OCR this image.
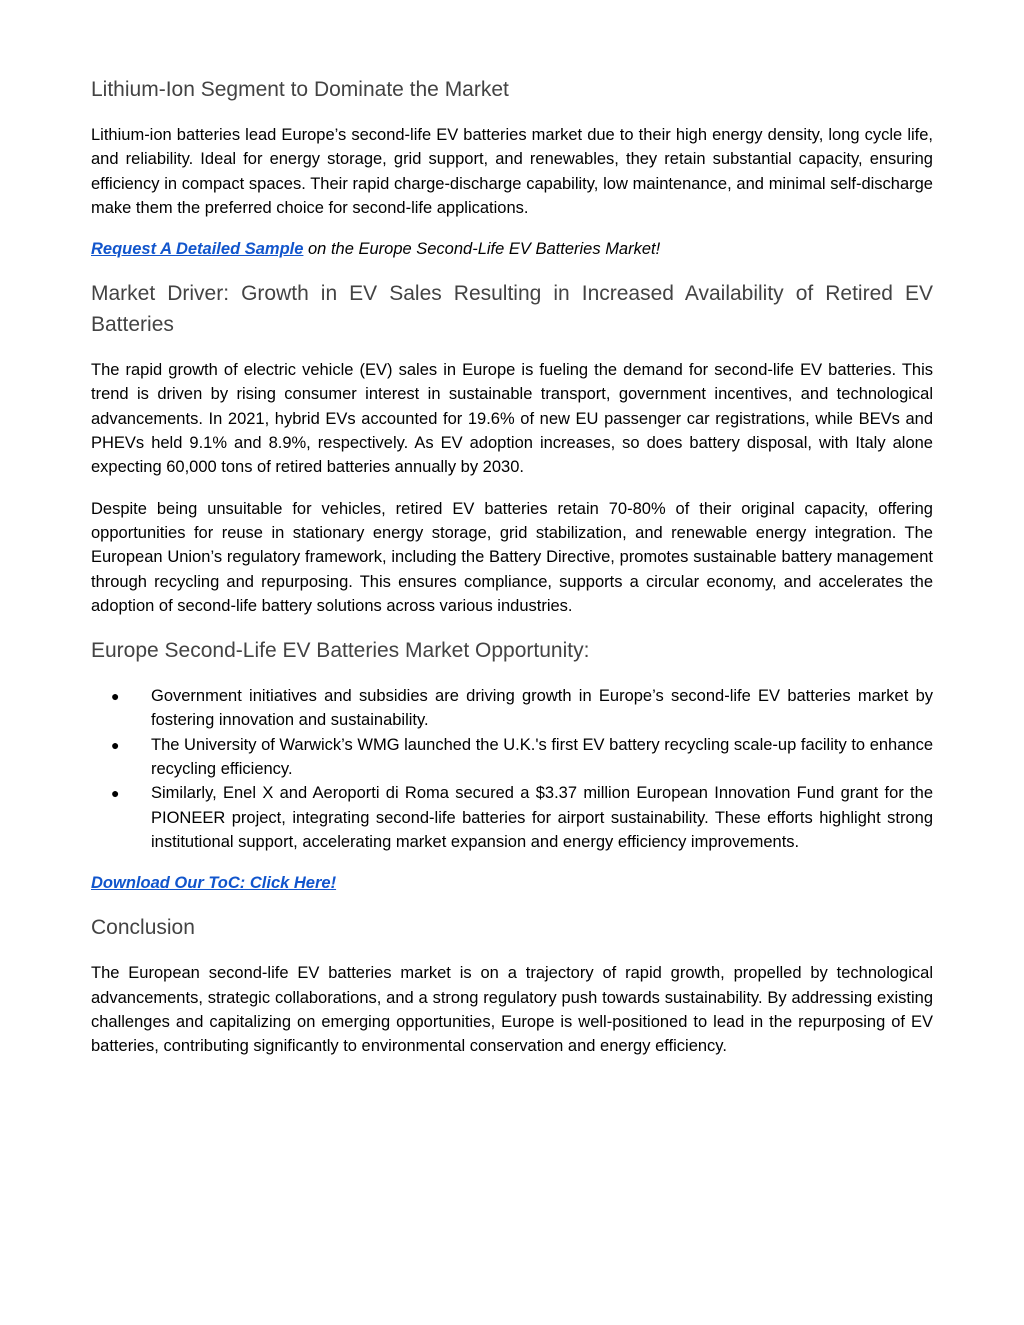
Lithium-Ion Segment to Dominate the Market

Lithium-ion batteries lead Europe’s second-life EV batteries market due to their high energy density, long cycle life, and reliability. Ideal for energy storage, grid support, and renewables, they retain substantial capacity, ensuring efficiency in compact spaces. Their rapid charge-discharge capability, low maintenance, and minimal self-discharge make them the preferred choice for second-life applications.

Request A Detailed Sample on the Europe Second-Life EV Batteries Market!

Market Driver: Growth in EV Sales Resulting in Increased Availability of Retired EV Batteries

The rapid growth of electric vehicle (EV) sales in Europe is fueling the demand for second-life EV batteries. This trend is driven by rising consumer interest in sustainable transport, government incentives, and technological advancements. In 2021, hybrid EVs accounted for 19.6% of new EU passenger car registrations, while BEVs and PHEVs held 9.1% and 8.9%, respectively. As EV adoption increases, so does battery disposal, with Italy alone expecting 60,000 tons of retired batteries annually by 2030.

Despite being unsuitable for vehicles, retired EV batteries retain 70-80% of their original capacity, offering opportunities for reuse in stationary energy storage, grid stabilization, and renewable energy integration. The European Union’s regulatory framework, including the Battery Directive, promotes sustainable battery management through recycling and repurposing. This ensures compliance, supports a circular economy, and accelerates the adoption of second-life battery solutions across various industries.

Europe Second-Life EV Batteries Market Opportunity:
● Government initiatives and subsidies are driving growth in Europe’s second-life EV batteries market by fostering innovation and sustainability.
● The University of Warwick’s WMG launched the U.K.'s first EV battery recycling scale-up facility to enhance recycling efficiency.
● Similarly, Enel X and Aeroporti di Roma secured a $3.37 million European Innovation Fund grant for the PIONEER project, integrating second-life batteries for airport sustainability. These efforts highlight strong institutional support, accelerating market expansion and energy efficiency improvements.

Download Our ToC: Click Here!

Conclusion

The European second-life EV batteries market is on a trajectory of rapid growth, propelled by technological advancements, strategic collaborations, and a strong regulatory push towards sustainability. By addressing existing challenges and capitalizing on emerging opportunities, Europe is well-positioned to lead in the repurposing of EV batteries, contributing significantly to environmental conservation and energy efficiency.
